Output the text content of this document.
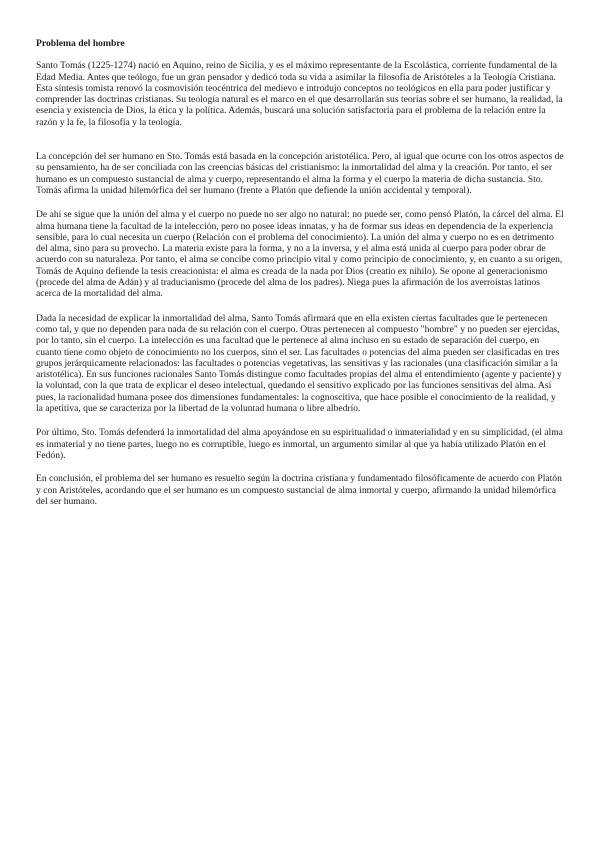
Problema del hombre

Santo Tomás (1225-1274) nació en Aquino, reino de Sicilia, y es el máximo representante de la Escolástica, corriente fundamental de la Edad Media. Antes que teólogo, fue un gran pensador y dedicó toda su vida a asimilar la filosofía de Aristóteles a la Teología Cristiana. Esta síntesis tomista renovó la cosmovisión teocéntrica del medievo e introdujo conceptos no teológicos en ella para poder justificar y comprender las doctrinas cristianas. Su teología natural es el marco en el que desarrollarán sus teorías sobre el ser humano, la realidad, la esencia y existencia de Dios, la ética y la política. Además, buscará una solución satisfactoria para el problema de la relación entre la razón y la fe, la filosofía y la teología.

La concepción del ser humano en Sto. Tomás está basada en la concepción aristotélica. Pero, al igual que ocurre con los otros aspectos de su pensamiento, ha de ser conciliada con las creencias básicas del cristianismo: la inmortalidad del alma y la creación. Por tanto, el ser humano es un compuesto sustancial de alma y cuerpo, representando el alma la forma y el cuerpo la materia de dicha sustancia. Sto. Tomás afirma la unidad hilemórfica del ser humano (frente a Platón que defiende la unión accidental y temporal).

De ahí se sigue que la unión del alma y el cuerpo no puede no ser algo no natural: no puede ser, como pensó Platón, la cárcel del alma. El alma humana tiene la facultad de la intelección, pero no posee ideas innatas, y ha de formar sus ideas en dependencia de la experiencia sensible, para lo cual necesita un cuerpo (Relación con el problema del conocimiento). La unión del alma y cuerpo no es en detrimento del alma, sino para su provecho. La materia existe para la forma, y no a la inversa, y el alma está unida al cuerpo para poder obrar de acuerdo con su naturaleza. Por tanto, el alma se concibe como principio vital y como principio de conocimiento, y, en cuanto a su origen, Tomás de Aquino defiende la tesis creacionista: el alma es creada de la nada por Dios (creatio ex nihilo). Se opone al generacionismo (procede del alma de Adán) y al traducianismo (procede del alma de los padres). Niega pues la afirmación de los averroístas latinos acerca de la mortalidad del alma.

Dada la necesidad de explicar la inmortalidad del alma, Santo Tomás afirmará que en ella existen ciertas facultades que le pertenecen como tal, y que no dependen para nada de su relación con el cuerpo. Otras pertenecen al compuesto "hombre" y no pueden ser ejercidas, por lo tanto, sin el cuerpo. La intelección es una facultad que le pertenece al alma incluso en su estado de separación del cuerpo, en cuanto tiene como objeto de conocimiento no los cuerpos, sino el ser. Las facultades o potencias del alma pueden ser clasificadas en tres grupos jerárquicamente relacionados: las facultades o potencias vegetativas, las sensitivas y las racionales (una clasificación similar a la aristotélica). En sus funciones racionales Santo Tomás distingue como facultades propias del alma el entendimiento (agente y paciente) y la voluntad, con la que trata de explicar el deseo intelectual, quedando el sensitivo explicado por las funciones sensitivas del alma. Así pues, la racionalidad humana posee dos dimensiones fundamentales: la cognoscitiva, que hace posible el conocimiento de la realidad, y la apetitiva, que se caracteriza por la libertad de la voluntad humana o libre albedrío.

Por último, Sto. Tomás defenderá la inmortalidad del alma apoyándose en su espiritualidad o inmaterialidad y en su simplicidad, (el alma es inmaterial y no tiene partes, luego no es corruptible, luego es inmortal, un argumento similar al que ya había utilizado Platón en el Fedón).

En conclusión, el problema del ser humano es resuelto según la doctrina cristiana y fundamentado filosóficamente de acuerdo con Platón y con Aristóteles, acordando que el ser humano es un compuesto sustancial de alma inmortal y cuerpo, afirmando la unidad hilemórfica del ser humano.
